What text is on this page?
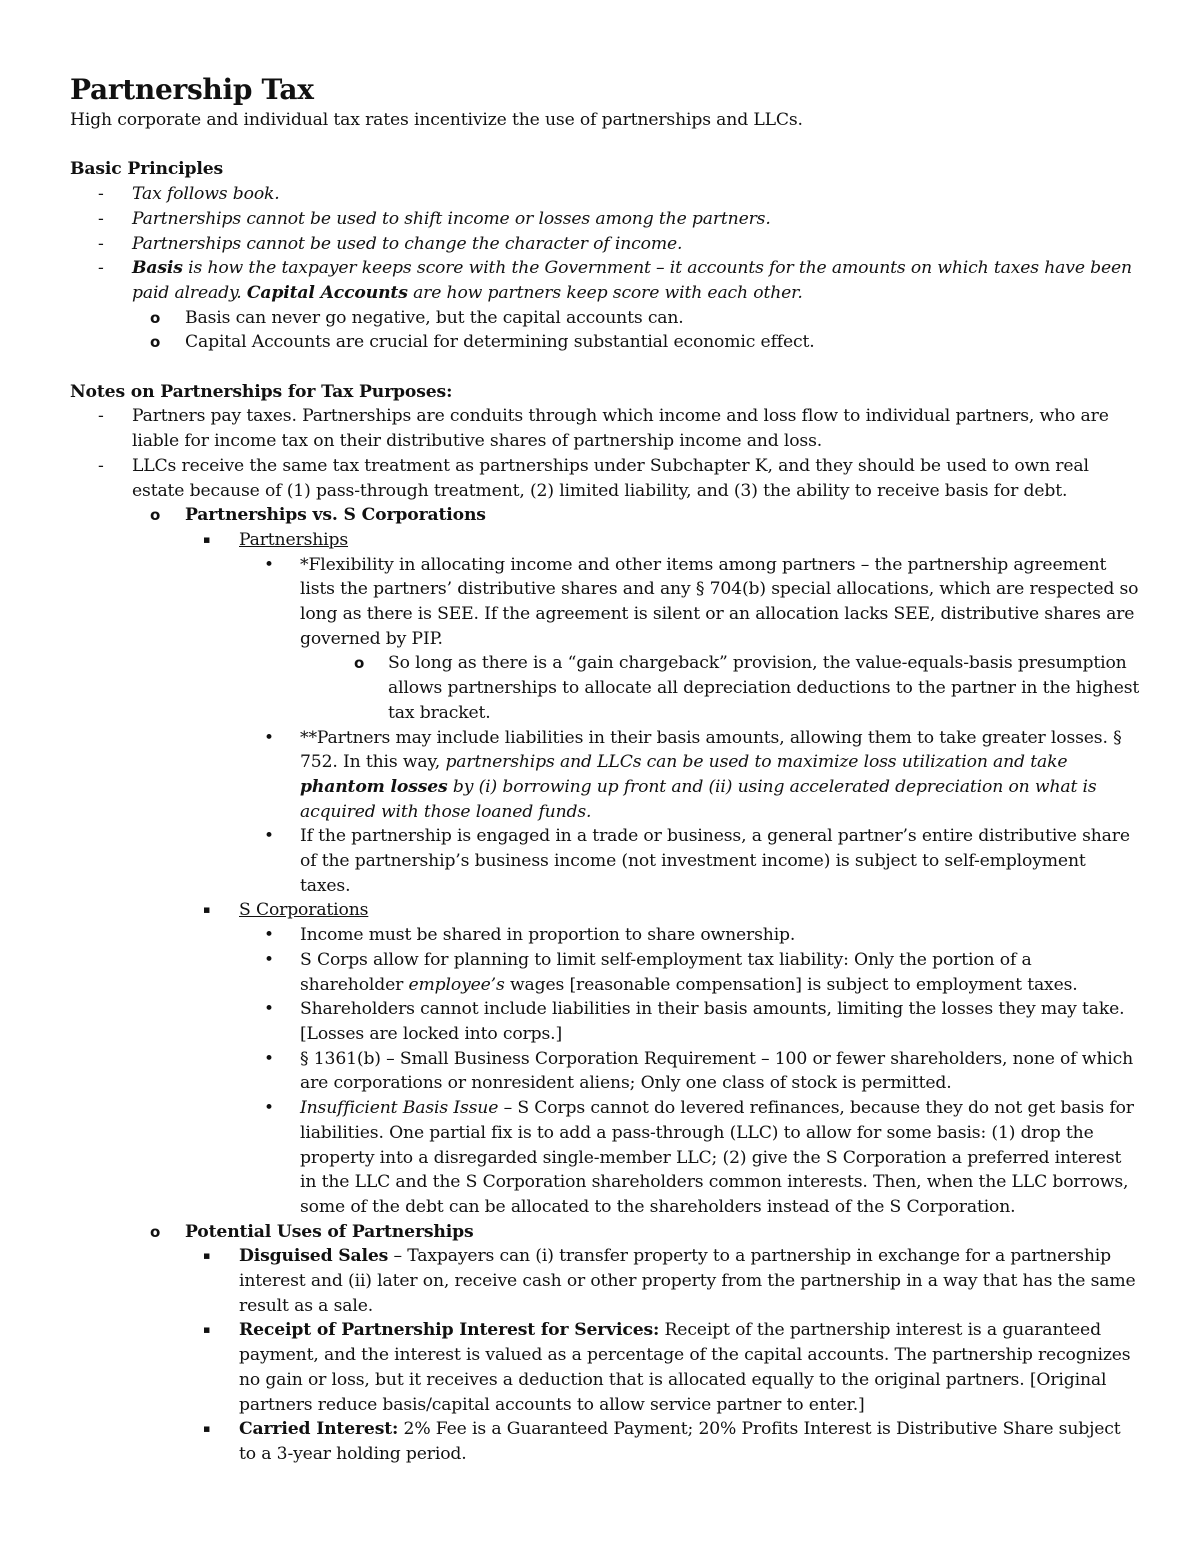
Partnership Tax

High corporate and individual tax rates incentivize the use of partnerships and LLCs.

Basic Principles

- Tax follows book.
- Partnerships cannot be used to shift income or losses among the partners.
- Partnerships cannot be used to change the character of income.
- Basis is how the taxpayer keeps score with the Government – it accounts for the amounts on which taxes have been paid already. Capital Accounts are how partners keep score with each other.
o Basis can never go negative, but the capital accounts can.
o Capital Accounts are crucial for determining substantial economic effect.

Notes on Partnerships for Tax Purposes:

- Partners pay taxes. Partnerships are conduits through which income and loss flow to individual partners, who are liable for income tax on their distributive shares of partnership income and loss.
- LLCs receive the same tax treatment as partnerships under Subchapter K, and they should be used to own real estate because of (1) pass-through treatment, (2) limited liability, and (3) the ability to receive basis for debt.
o Partnerships vs. S Corporations
▪ Partnerships
• *Flexibility in allocating income and other items among partners – the partnership agreement lists the partners’ distributive shares and any § 704(b) special allocations, which are respected so long as there is SEE. If the agreement is silent or an allocation lacks SEE, distributive shares are governed by PIP.
o So long as there is a “gain chargeback” provision, the value-equals-basis presumption allows partnerships to allocate all depreciation deductions to the partner in the highest tax bracket.
• **Partners may include liabilities in their basis amounts, allowing them to take greater losses. § 752. In this way, partnerships and LLCs can be used to maximize loss utilization and take phantom losses by (i) borrowing up front and (ii) using accelerated depreciation on what is acquired with those loaned funds.
• If the partnership is engaged in a trade or business, a general partner’s entire distributive share of the partnership’s business income (not investment income) is subject to self-employment taxes.
▪ S Corporations
• Income must be shared in proportion to share ownership.
• S Corps allow for planning to limit self-employment tax liability: Only the portion of a shareholder employee’s wages [reasonable compensation] is subject to employment taxes.
• Shareholders cannot include liabilities in their basis amounts, limiting the losses they may take. [Losses are locked into corps.]
• § 1361(b) – Small Business Corporation Requirement – 100 or fewer shareholders, none of which are corporations or nonresident aliens; Only one class of stock is permitted.
• Insufficient Basis Issue – S Corps cannot do levered refinances, because they do not get basis for liabilities. One partial fix is to add a pass-through (LLC) to allow for some basis: (1) drop the property into a disregarded single-member LLC; (2) give the S Corporation a preferred interest in the LLC and the S Corporation shareholders common interests. Then, when the LLC borrows, some of the debt can be allocated to the shareholders instead of the S Corporation.
o Potential Uses of Partnerships
▪ Disguised Sales – Taxpayers can (i) transfer property to a partnership in exchange for a partnership interest and (ii) later on, receive cash or other property from the partnership in a way that has the same result as a sale.
▪ Receipt of Partnership Interest for Services: Receipt of the partnership interest is a guaranteed payment, and the interest is valued as a percentage of the capital accounts. The partnership recognizes no gain or loss, but it receives a deduction that is allocated equally to the original partners. [Original partners reduce basis/capital accounts to allow service partner to enter.]
▪ Carried Interest: 2% Fee is a Guaranteed Payment; 20% Profits Interest is Distributive Share subject to a 3-year holding period.
